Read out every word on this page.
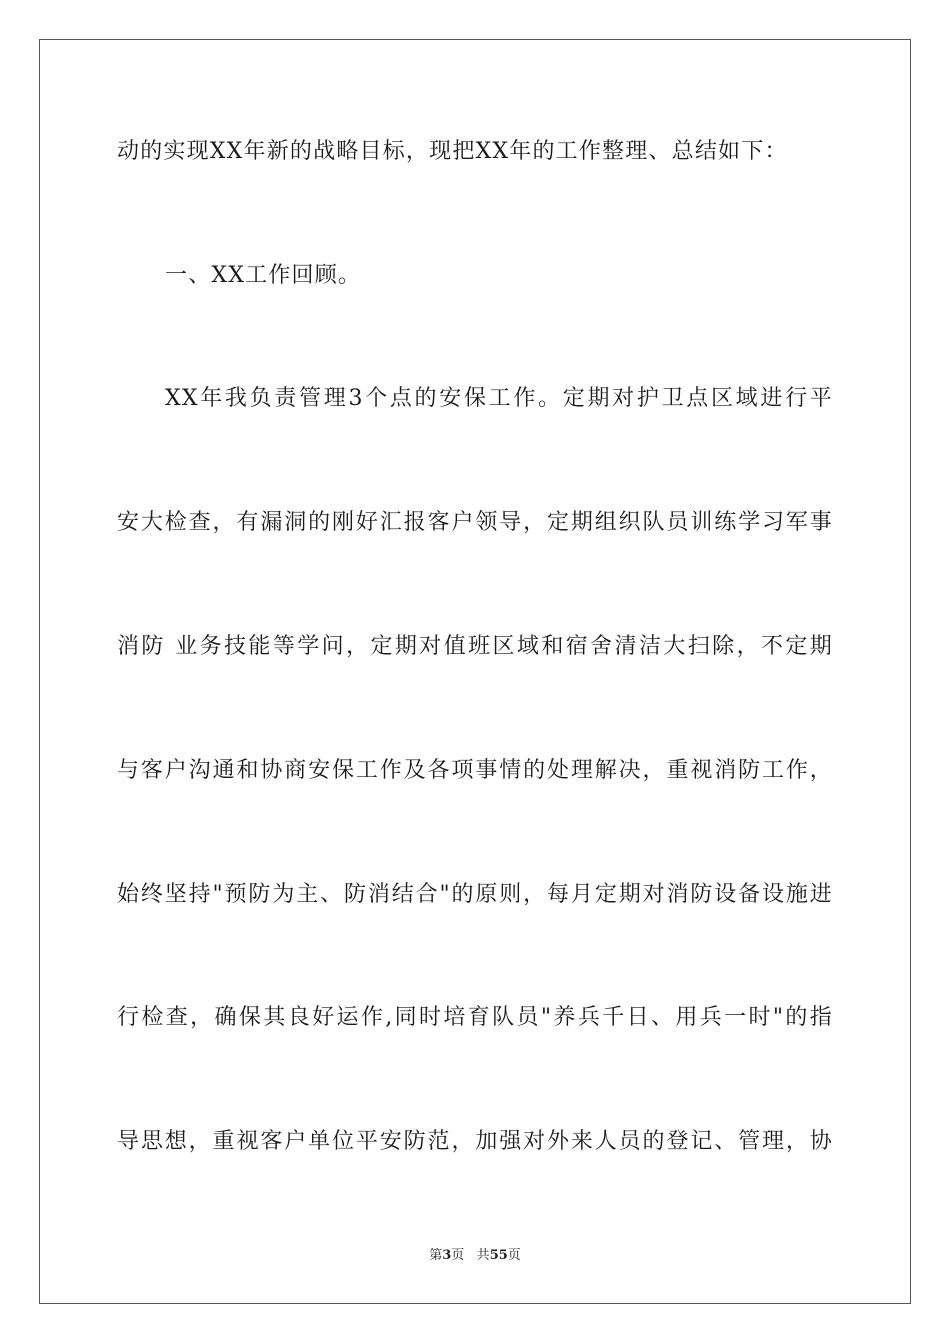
动的实现XX年新的战略目标，现把XX年的工作整理、总结如下：
一、XX工作回顾。
XX年我负责管理3个点的安保工作。定期对护卫点区域进行平
安大检查，有漏洞的刚好汇报客户领导，定期组织队员训练学习军事
消防 业务技能等学问，定期对值班区域和宿舍清洁大扫除，不定期
与客户沟通和协商安保工作及各项事情的处理解决，重视消防工作，
始终坚持"预防为主、防消结合"的原则，每月定期对消防设备设施进
行检查，确保其良好运作,同时培育队员"养兵千日、用兵一时"的指
导思想，重视客户单位平安防范，加强对外来人员的登记、管理，协
第3页 共55页
